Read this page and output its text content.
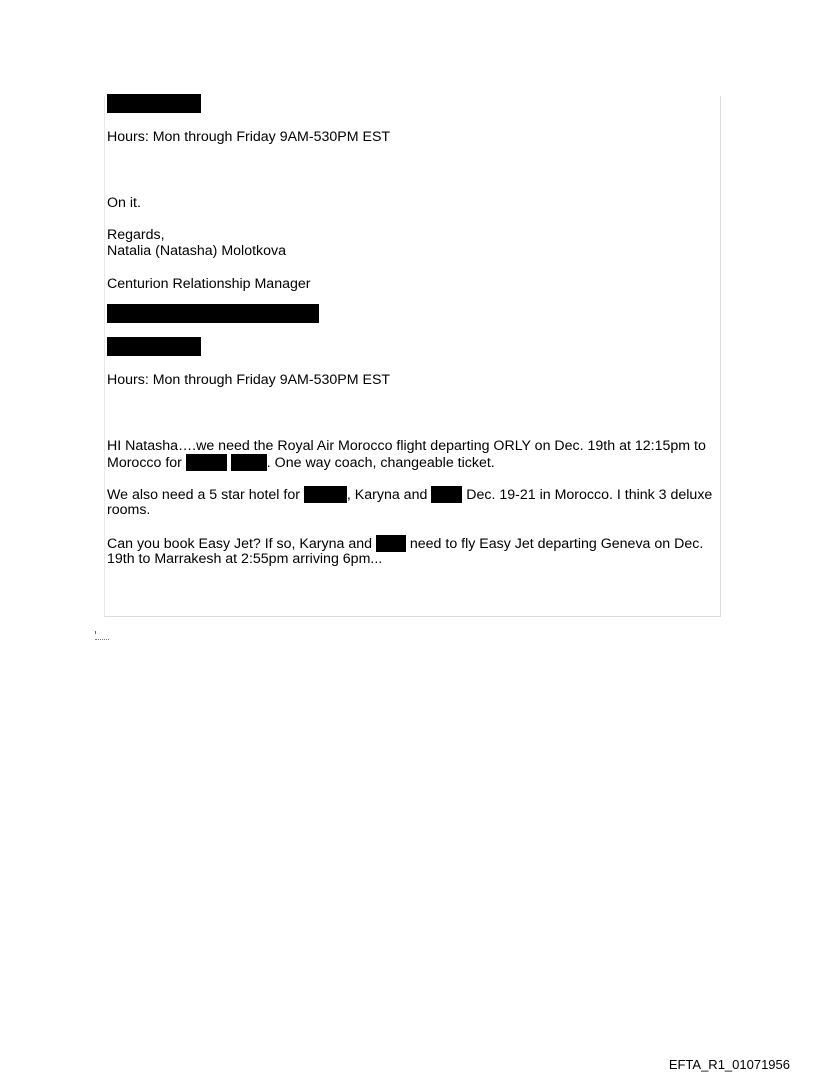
Hours: Mon through Friday 9AM-530PM EST
On it.
Regards,
Natalia (Natasha) Molotkova
Centurion Relationship Manager
Hours: Mon through Friday 9AM-530PM EST
HI Natasha….we need the Royal Air Morocco flight departing ORLY on Dec. 19th at 12:15pm to
Morocco for	. One way coach, changeable ticket.
We also need a 5 star hotel for	, Karyna and  Dec. 19-21 in Morocco. I think 3 deluxe
rooms.
Can you book Easy Jet? If so, Karyna and  need to fly Easy Jet departing Geneva on Dec.
19th to Marrakesh at 2:55pm arriving 6pm...
EFTA_R1_01071956
